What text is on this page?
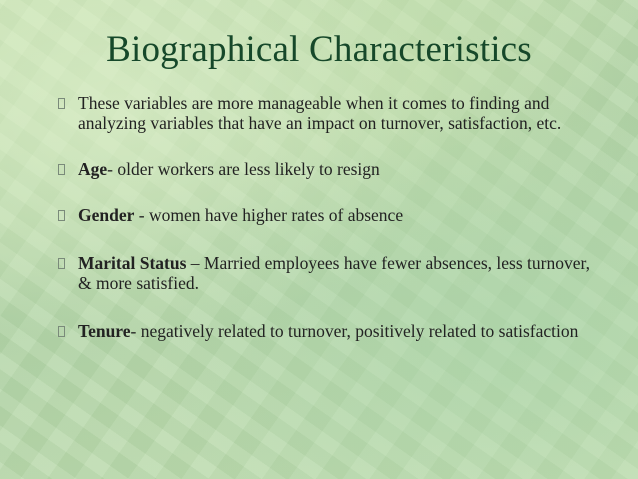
Biographical Characteristics
These variables are more manageable when it comes to finding and analyzing variables that have an impact on turnover, satisfaction, etc.
Age- older workers are less likely to resign
Gender - women have higher rates of absence
Marital Status – Married employees have fewer absences, less turnover, & more satisfied.
Tenure- negatively related to turnover, positively related to satisfaction
